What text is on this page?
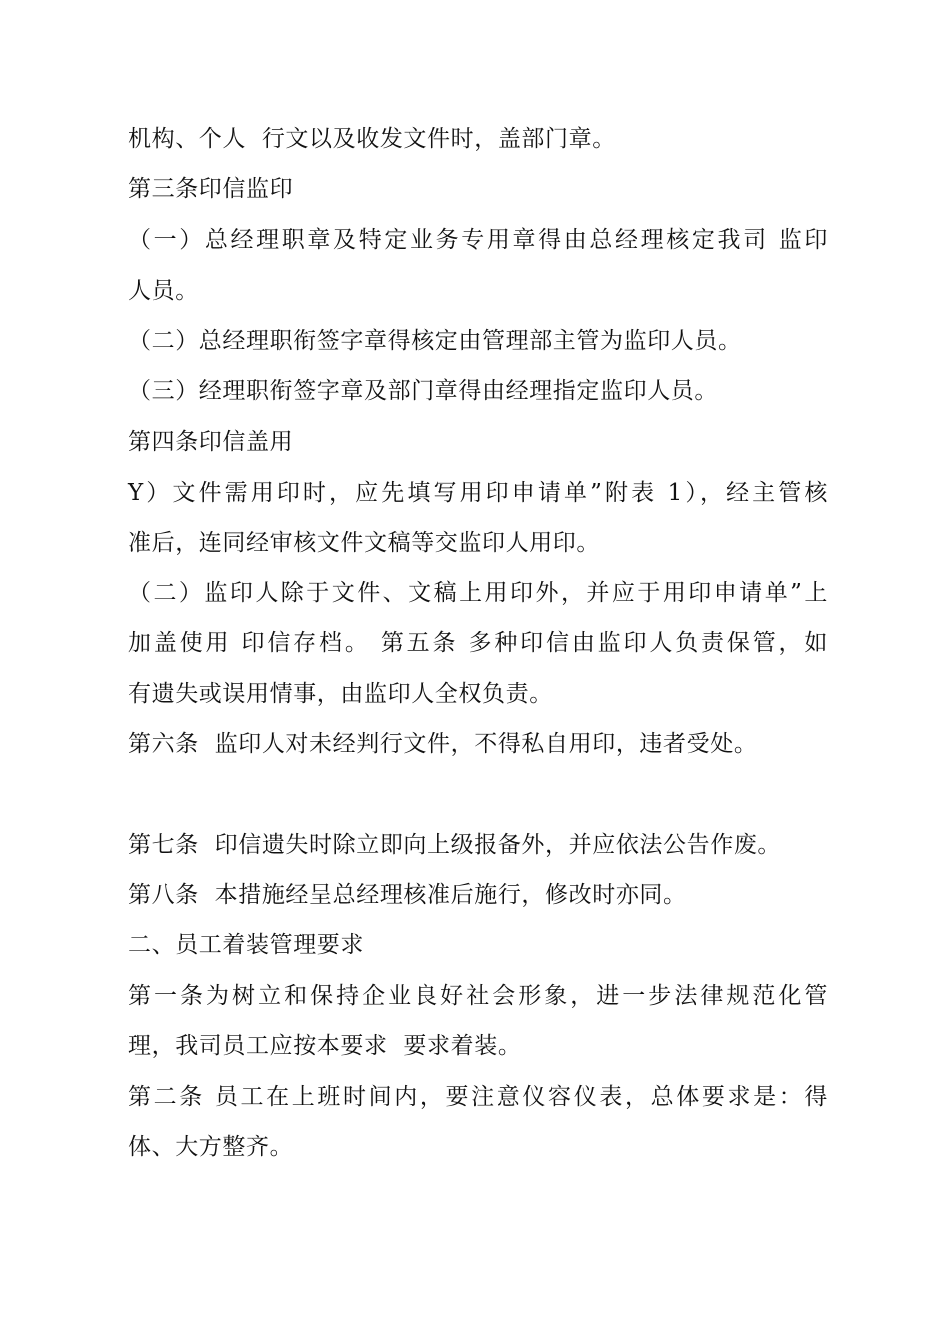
机构、个人  行文以及收发文件时，盖部门章。
第三条印信监印
（一）总经理职章及特定业务专用章得由总经理核定我司 监印
人员。
（二）总经理职衔签字章得核定由管理部主管为监印人员。
（三）经理职衔签字章及部门章得由经理指定监印人员。
第四条印信盖用
Y）文件需用印时，应先填写用印申请单”附表 1），经主管核
准后，连同经审核文件文稿等交监印人用印。
（二）监印人除于文件、文稿上用印外，并应于用印申请单”上
加盖使用 印信存档。 第五条 多种印信由监印人负责保管，如
有遗失或误用情事，由监印人全权负责。
第六条  监印人对未经判行文件，不得私自用印，违者受处。
第七条  印信遗失时除立即向上级报备外，并应依法公告作废。
第八条  本措施经呈总经理核准后施行，修改时亦同。
二、员工着装管理要求
第一条为树立和保持企业良好社会形象，进一步法律规范化管
理，我司员工应按本要求  要求着装。
第二条 员工在上班时间内，要注意仪容仪表，总体要求是：得
体、大方整齐。
